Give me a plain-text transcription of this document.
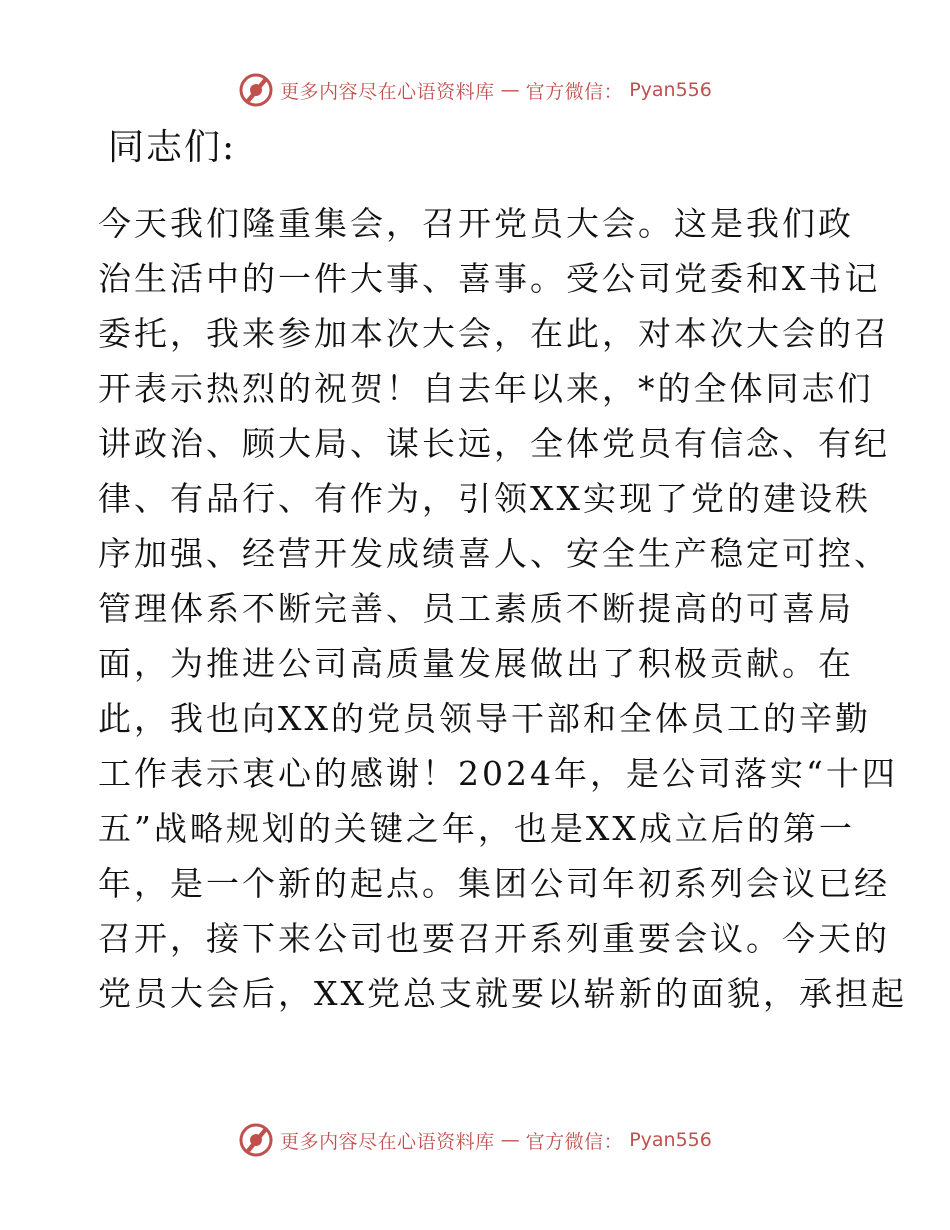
更多内容尽在心语资料库 — 官方微信： Pyan556
同志们:
今天我们隆重集会，召开党员大会。这是我们政
治生活中的一件大事、喜事。受公司党委和X书记
委托，我来参加本次大会，在此，对本次大会的召
开表示热烈的祝贺！自去年以来，*的全体同志们
讲政治、顾大局、谋长远，全体党员有信念、有纪
律、有品行、有作为，引领XX实现了党的建设秩
序加强、经营开发成绩喜人、安全生产稳定可控、
管理体系不断完善、员工素质不断提高的可喜局
面，为推进公司高质量发展做出了积极贡献。在
此，我也向XX的党员领导干部和全体员工的辛勤
工作表示衷心的感谢！2024年，是公司落实“十四
五”战略规划的关键之年，也是XX成立后的第一
年，是一个新的起点。集团公司年初系列会议已经
召开，接下来公司也要召开系列重要会议。今天的
党员大会后，XX党总支就要以崭新的面貌，承担起
更多内容尽在心语资料库 — 官方微信： Pyan556
